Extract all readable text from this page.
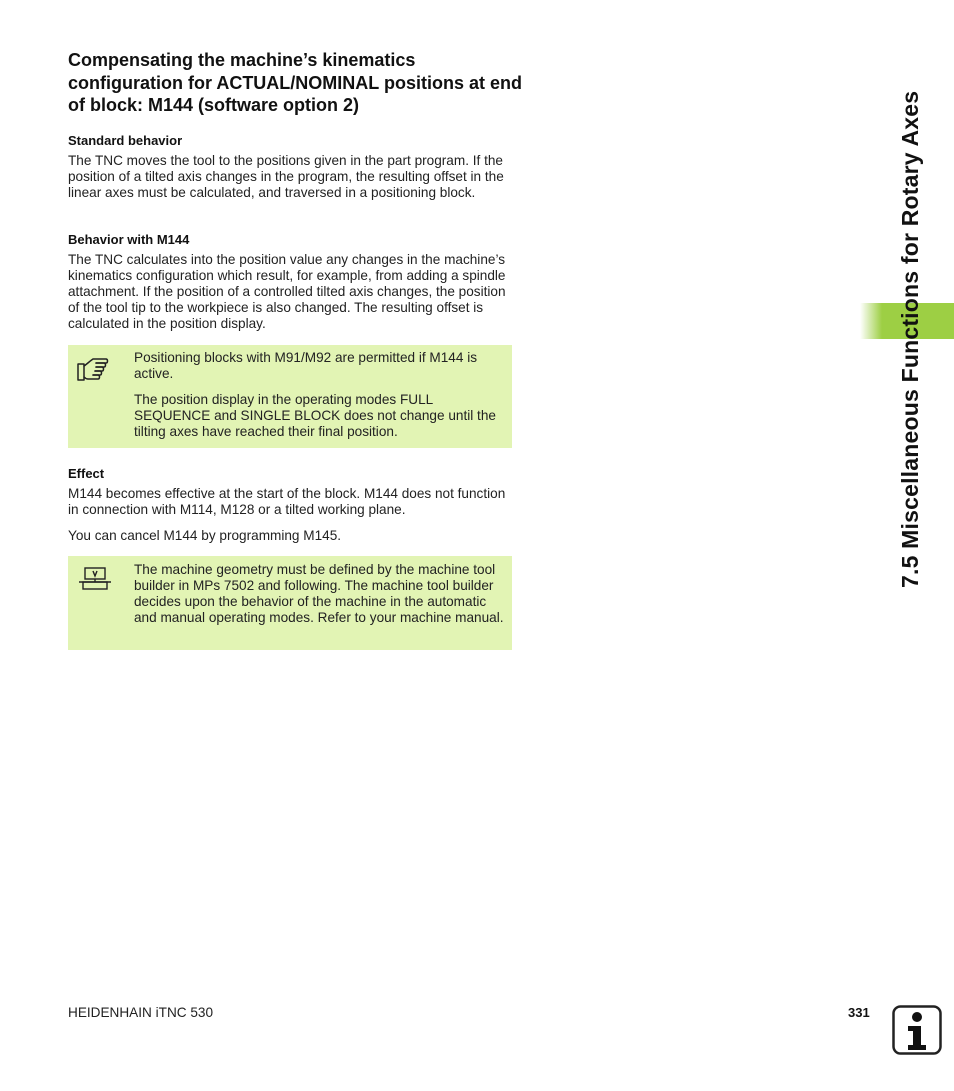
Compensating the machine’s kinematics configuration for ACTUAL/NOMINAL positions at end of block: M144 (software option 2)
Standard behavior

The TNC moves the tool to the positions given in the part program. If the position of a tilted axis changes in the program, the resulting offset in the linear axes must be calculated, and traversed in a positioning block.

Behavior with M144

The TNC calculates into the position value any changes in the machine’s kinematics configuration which result, for example, from adding a spindle attachment. If the position of a controlled tilted axis changes, the position of the tool tip to the workpiece is also changed. The resulting offset is calculated in the position display.

Positioning blocks with M91/M92 are permitted if M144 is active.

The position display in the operating modes FULL SEQUENCE and SINGLE BLOCK does not change until the tilting axes have reached their final position.

Effect

M144 becomes effective at the start of the block. M144 does not function in connection with M114, M128 or a tilted working plane.

You can cancel M144 by programming M145.

The machine geometry must be defined by the machine tool builder in MPs 7502 and following. The machine tool builder decides upon the behavior of the machine in the automatic and manual operating modes. Refer to your machine manual.

7.5 Miscellaneous Functions for Rotary Axes
HEIDENHAIN iTNC 530	331
